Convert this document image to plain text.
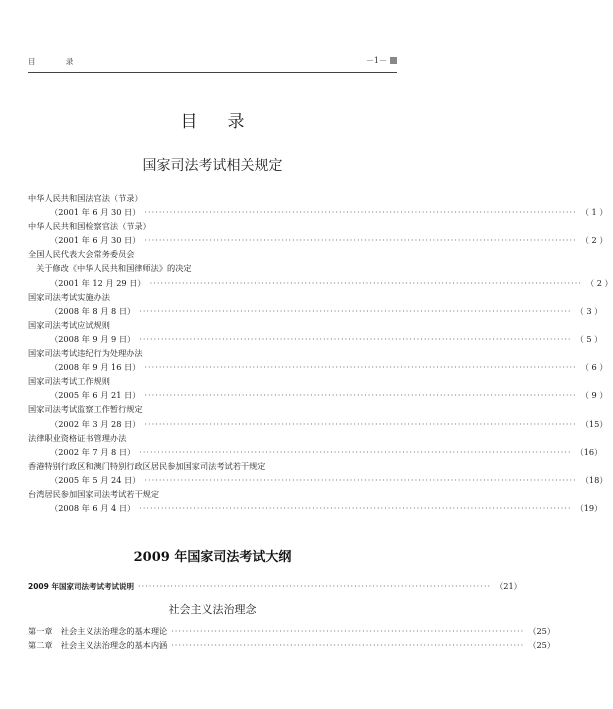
目 录	－1－
目录
国家司法考试相关规定
中华人民共和国法官法（节录）
（2001 年 6 月 30 日） ························································································································ （ 1 ）
中华人民共和国检察官法（节录）
（2001 年 6 月 30 日） ························································································································ （ 2 ）
全国人民代表大会常务委员会
关于修改《中华人民共和国律师法》的决定
（2001 年 12 月 29 日） ························································································································ （ 2 ）
国家司法考试实施办法
（2008 年 8 月 8 日） ························································································································ （ 3 ）
国家司法考试应试规则
（2008 年 9 月 9 日） ························································································································ （ 5 ）
国家司法考试违纪行为处理办法
（2008 年 9 月 16 日） ························································································································ （ 6 ）
国家司法考试工作规则
（2005 年 6 月 21 日） ························································································································ （ 9 ）
国家司法考试监察工作暂行规定
（2002 年 3 月 28 日） ························································································································ （15）
法律职业资格证书管理办法
（2002 年 7 月 8 日） ························································································································ （16）
香港特别行政区和澳门特别行政区居民参加国家司法考试若干规定
（2005 年 5 月 24 日） ························································································································ （18）
台湾居民参加国家司法考试若干规定
（2008 年 6 月 4 日） ························································································································ （19）
2009 年国家司法考试大纲
2009 年国家司法考试考试说明 ·································································································· （21）
社会主义法治理念
第一章　社会主义法治理念的基本理论 ·································································································· （25）
第二章　社会主义法治理念的基本内涵 ·································································································· （25）
